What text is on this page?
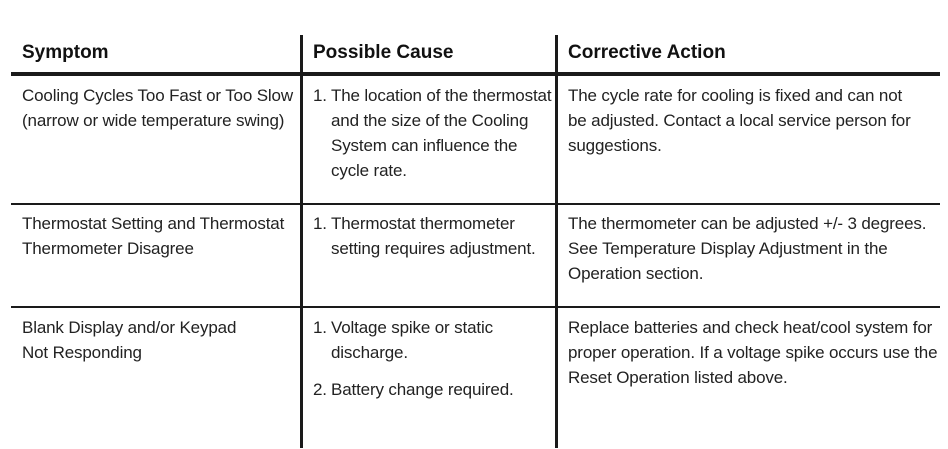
Symptom	Possible Cause	Corrective Action
Cooling Cycles Too Fast or Too Slow
(narrow or wide temperature swing)
1. The location of the thermostat
and the size of the Cooling
System can influence the
cycle rate.
The cycle rate for cooling is fixed and can not
be adjusted. Contact a local service person for
suggestions.
Thermostat Setting and Thermostat
Thermometer Disagree
1. Thermostat thermometer
setting requires adjustment.
The thermometer can be adjusted +/- 3 degrees.
See Temperature Display Adjustment in the
Operation section.
Blank Display and/or Keypad
Not Responding
1. Voltage spike or static
discharge.
2. Battery change required.
Replace batteries and check heat/cool system for
proper operation. If a voltage spike occurs use the
Reset Operation listed above.
